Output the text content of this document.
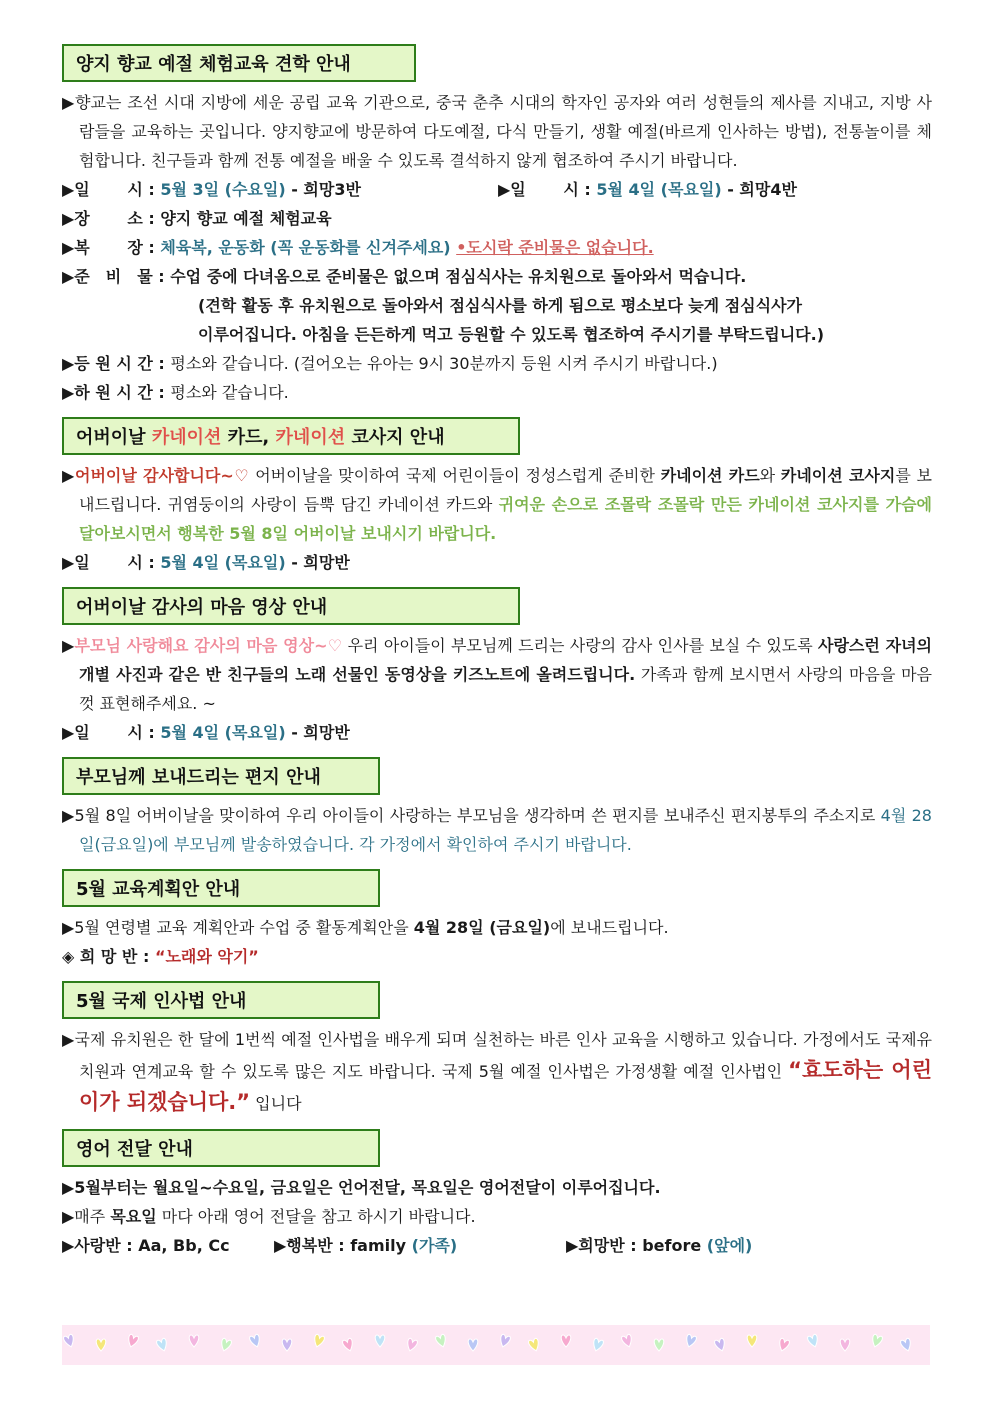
양지 향교 예절 체험교육 견학 안내

▶향교는 조선 시대 지방에 세운 공립 교육 기관으로, 중국 춘추 시대의 학자인 공자와 여러 성현들의 제사를 지내고, 지방 사람들을 교육하는 곳입니다. 양지향교에 방문하여 다도예절, 다식 만들기, 생활 예절(바르게 인사하는 방법), 전통놀이를 체험합니다. 친구들과 함께 전통 예절을 배울 수 있도록 결석하지 않게 협조하여 주시기 바랍니다.

▶일　　 시 : 5월 3일 (수요일) - 희망3반	▶일　　 시 : 5월 4일 (목요일) - 희망4반

▶장　　 소 : 양지 향교 예절 체험교육

▶복　　 장 : 체육복, 운동화 (꼭 운동화를 신겨주세요) •도시락 준비물은 없습니다.

▶준　비　물 : 수업 중에 다녀옴으로 준비물은 없으며 점심식사는 유치원으로 돌아와서 먹습니다.

(견학 활동 후 유치원으로 돌아와서 점심식사를 하게 됨으로 평소보다 늦게 점심식사가

이루어집니다. 아침을 든든하게 먹고 등원할 수 있도록 협조하여 주시기를 부탁드립니다.)

▶등 원 시 간 : 평소와 같습니다. (걸어오는 유아는 9시 30분까지 등원 시켜 주시기 바랍니다.)

▶하 원 시 간 : 평소와 같습니다.

어버이날 카네이션 카드, 카네이션 코사지 안내

▶어버이날 감사합니다~♡ 어버이날을 맞이하여 국제 어린이들이 정성스럽게 준비한 카네이션 카드와 카네이션 코사지를 보내드립니다. 귀염둥이의 사랑이 듬뿍 담긴 카네이션 카드와 귀여운 손으로 조몰락 조몰락 만든 카네이션 코사지를 가슴에 달아보시면서 행복한 5월 8일 어버이날 보내시기 바랍니다.

▶일　　 시 : 5월 4일 (목요일) - 희망반

어버이날 감사의 마음 영상 안내

▶부모님 사랑해요 감사의 마음 영상~♡ 우리 아이들이 부모님께 드리는 사랑의 감사 인사를 보실 수 있도록 사랑스런 자녀의 개별 사진과 같은 반 친구들의 노래 선물인 동영상을 키즈노트에 올려드립니다. 가족과 함께 보시면서 사랑의 마음을 마음껏 표현해주세요. ~

▶일　　 시 : 5월 4일 (목요일) - 희망반

부모님께 보내드리는 편지 안내

▶5월 8일 어버이날을 맞이하여 우리 아이들이 사랑하는 부모님을 생각하며 쓴 편지를 보내주신 편지봉투의 주소지로 4월 28일(금요일)에 부모님께 발송하였습니다. 각 가정에서 확인하여 주시기 바랍니다.

5월 교육계획안 안내

▶5월 연령별 교육 계획안과 수업 중 활동계획안을 4월 28일 (금요일)에 보내드립니다.

◈ 희 망 반 : “노래와 악기”

5월 국제 인사법 안내

▶국제 유치원은 한 달에 1번씩 예절 인사법을 배우게 되며 실천하는 바른 인사 교육을 시행하고 있습니다. 가정에서도 국제유치원과 연계교육 할 수 있도록 많은 지도 바랍니다. 국제 5월 예절 인사법은 가정생활 예절 인사법인 “효도하는 어린이가 되겠습니다.” 입니다

영어 전달 안내

▶5월부터는 월요일~수요일, 금요일은 언어전달, 목요일은 영어전달이 이루어집니다.

▶매주 목요일 마다 아래 영어 전달을 참고 하시기 바랍니다.

▶사랑반 : Aa, Bb, Cc	▶행복반 : family (가족)	▶희망반 : before (앞에)
